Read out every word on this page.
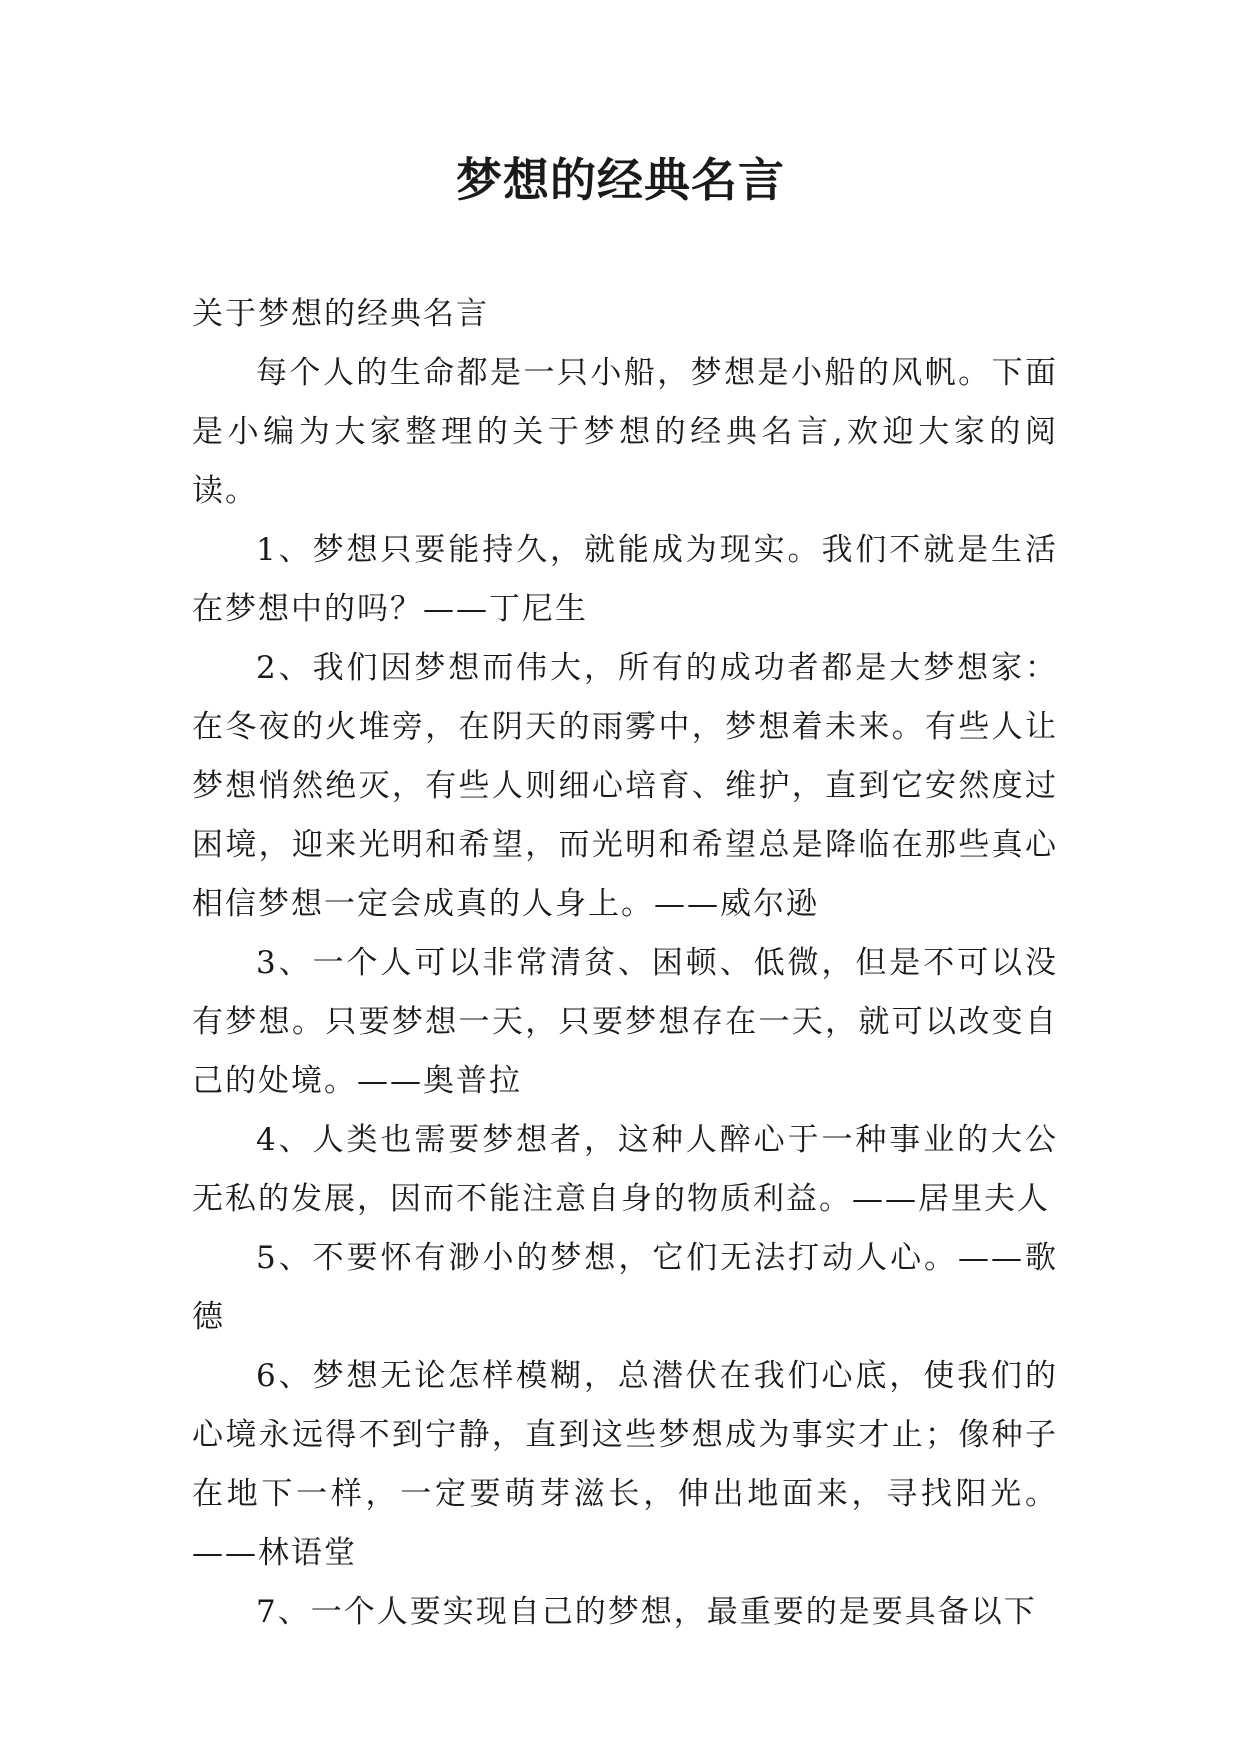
梦想的经典名言

关于梦想的经典名言

每个人的生命都是一只小船，梦想是小船的风帆。下面是小编为大家整理的关于梦想的经典名言,欢迎大家的阅读。

1、梦想只要能持久，就能成为现实。我们不就是生活在梦想中的吗？——丁尼生

2、我们因梦想而伟大，所有的成功者都是大梦想家：在冬夜的火堆旁，在阴天的雨雾中，梦想着未来。有些人让梦想悄然绝灭，有些人则细心培育、维护，直到它安然度过困境，迎来光明和希望，而光明和希望总是降临在那些真心相信梦想一定会成真的人身上。——威尔逊

3、一个人可以非常清贫、困顿、低微，但是不可以没有梦想。只要梦想一天，只要梦想存在一天，就可以改变自己的处境。——奥普拉

4、人类也需要梦想者，这种人醉心于一种事业的大公无私的发展，因而不能注意自身的物质利益。——居里夫人

5、不要怀有渺小的梦想，它们无法打动人心。——歌德

6、梦想无论怎样模糊，总潜伏在我们心底，使我们的心境永远得不到宁静，直到这些梦想成为事实才止；像种子在地下一样，一定要萌芽滋长，伸出地面来，寻找阳光。——林语堂

7、一个人要实现自己的梦想，最重要的是要具备以下
